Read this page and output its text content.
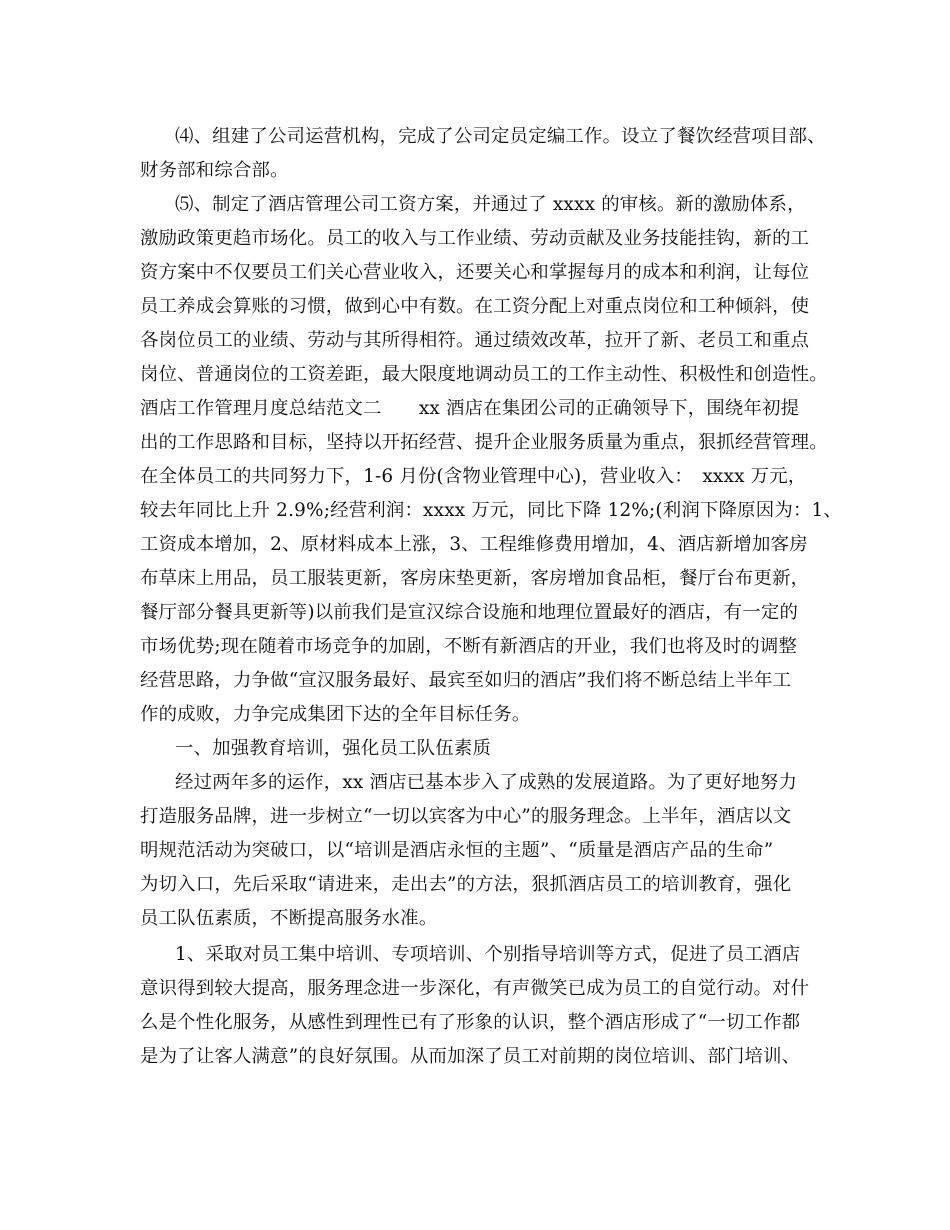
⑷、组建了公司运营机构，完成了公司定员定编工作。设立了餐饮经营项目部、
财务部和综合部。
⑸、制定了酒店管理公司工资方案，并通过了 xxxx 的审核。新的激励体系，
激励政策更趋市场化。员工的收入与工作业绩、劳动贡献及业务技能挂钩，新的工
资方案中不仅要员工们关心营业收入，还要关心和掌握每月的成本和利润，让每位
员工养成会算账的习惯，做到心中有数。在工资分配上对重点岗位和工种倾斜，使
各岗位员工的业绩、劳动与其所得相符。通过绩效改革，拉开了新、老员工和重点
岗位、普通岗位的工资差距，最大限度地调动员工的工作主动性、积极性和创造性。
酒店工作管理月度总结范文二　　xx 酒店在集团公司的正确领导下，围绕年初提
出的工作思路和目标，坚持以开拓经营、提升企业服务质量为重点，狠抓经营管理。
在全体员工的共同努力下，1-6 月份(含物业管理中心)，营业收入：　xxxx 万元，
较去年同比上升 2.9%;经营利润：xxxx 万元，同比下降 12%;(利润下降原因为：1、
工资成本增加，2、原材料成本上涨，3、工程维修费用增加，4、酒店新增加客房
布草床上用品，员工服装更新，客房床垫更新，客房增加食品柜，餐厅台布更新，
餐厅部分餐具更新等)以前我们是宣汉综合设施和地理位置最好的酒店，有一定的
市场优势;现在随着市场竞争的加剧，不断有新酒店的开业，我们也将及时的调整
经营思路，力争做“宣汉服务最好、最宾至如归的酒店”我们将不断总结上半年工
作的成败，力争完成集团下达的全年目标任务。
一、加强教育培训，强化员工队伍素质
经过两年多的运作，xx 酒店已基本步入了成熟的发展道路。为了更好地努力
打造服务品牌，进一步树立“一切以宾客为中心”的服务理念。上半年，酒店以文
明规范活动为突破口，以“培训是酒店永恒的主题”、“质量是酒店产品的生命”
为切入口，先后采取“请进来，走出去”的方法，狠抓酒店员工的培训教育，强化
员工队伍素质，不断提高服务水准。
1、采取对员工集中培训、专项培训、个别指导培训等方式，促进了员工酒店
意识得到较大提高，服务理念进一步深化，有声微笑已成为员工的自觉行动。对什
么是个性化服务，从感性到理性已有了形象的认识，整个酒店形成了“一切工作都
是为了让客人满意”的良好氛围。从而加深了员工对前期的岗位培训、部门培训、
